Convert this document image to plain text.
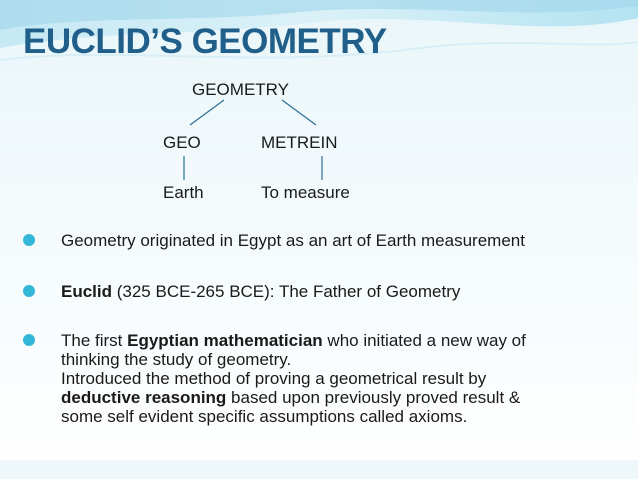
EUCLID’S GEOMETRY
GEOMETRY
GEO	METREIN
Earth	To measure
Geometry originated in Egypt as an art of Earth measurement
Euclid (325 BCE-265 BCE): The Father of Geometry
The first Egyptian mathematician who initiated a new way of
thinking the study of geometry.
Introduced the method of proving a geometrical result by
deductive reasoning based upon previously proved result &
some self evident specific assumptions called axioms.
